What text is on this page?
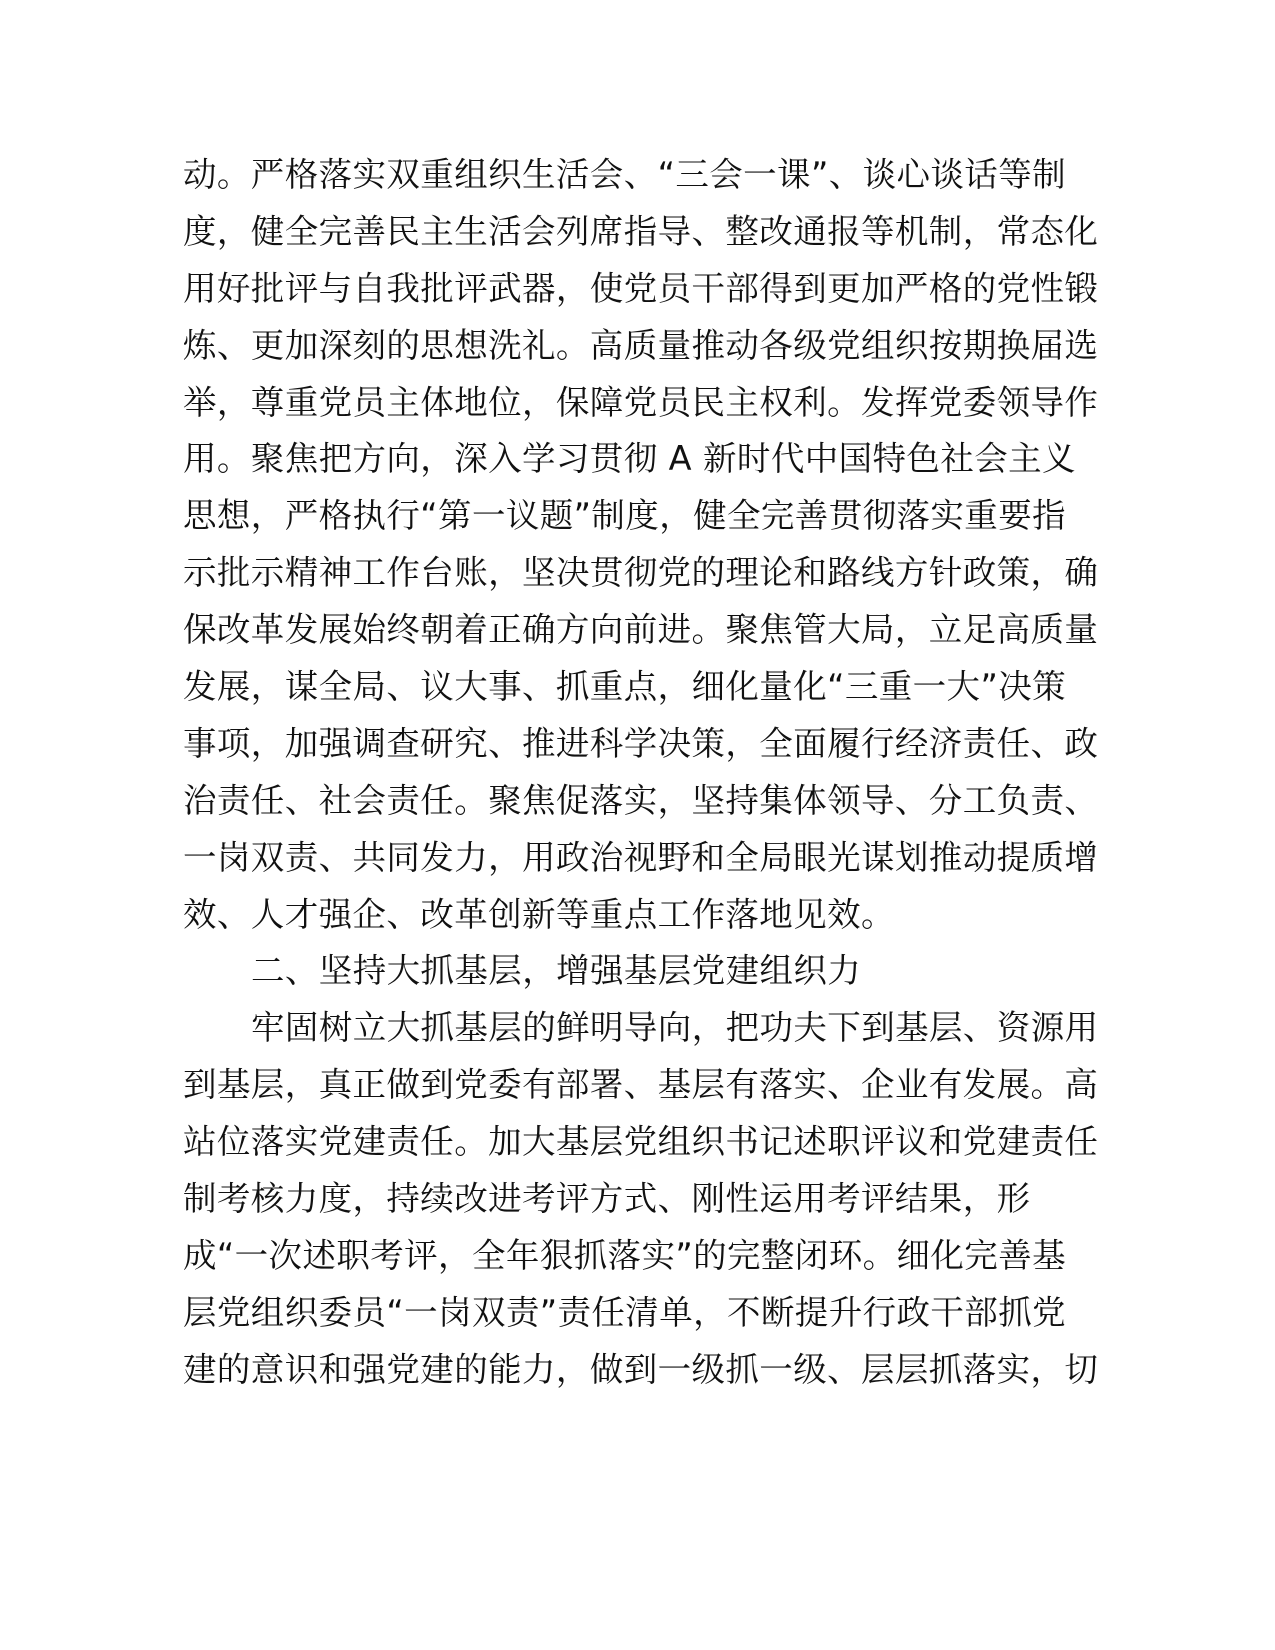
动。严格落实双重组织生活会、“三会一课”、谈心谈话等制
度，健全完善民主生活会列席指导、整改通报等机制，常态化
用好批评与自我批评武器，使党员干部得到更加严格的党性锻
炼、更加深刻的思想洗礼。高质量推动各级党组织按期换届选
举，尊重党员主体地位，保障党员民主权利。发挥党委领导作
用。聚焦把方向，深入学习贯彻 A 新时代中国特色社会主义
思想，严格执行“第一议题”制度，健全完善贯彻落实重要指
示批示精神工作台账，坚决贯彻党的理论和路线方针政策，确
保改革发展始终朝着正确方向前进。聚焦管大局，立足高质量
发展，谋全局、议大事、抓重点，细化量化“三重一大”决策
事项，加强调查研究、推进科学决策，全面履行经济责任、政
治责任、社会责任。聚焦促落实，坚持集体领导、分工负责、
一岗双责、共同发力，用政治视野和全局眼光谋划推动提质增
效、人才强企、改革创新等重点工作落地见效。
二、坚持大抓基层，增强基层党建组织力
牢固树立大抓基层的鲜明导向，把功夫下到基层、资源用
到基层，真正做到党委有部署、基层有落实、企业有发展。高
站位落实党建责任。加大基层党组织书记述职评议和党建责任
制考核力度，持续改进考评方式、刚性运用考评结果，形
成“一次述职考评，全年狠抓落实”的完整闭环。细化完善基
层党组织委员“一岗双责”责任清单，不断提升行政干部抓党
建的意识和强党建的能力，做到一级抓一级、层层抓落实，切
